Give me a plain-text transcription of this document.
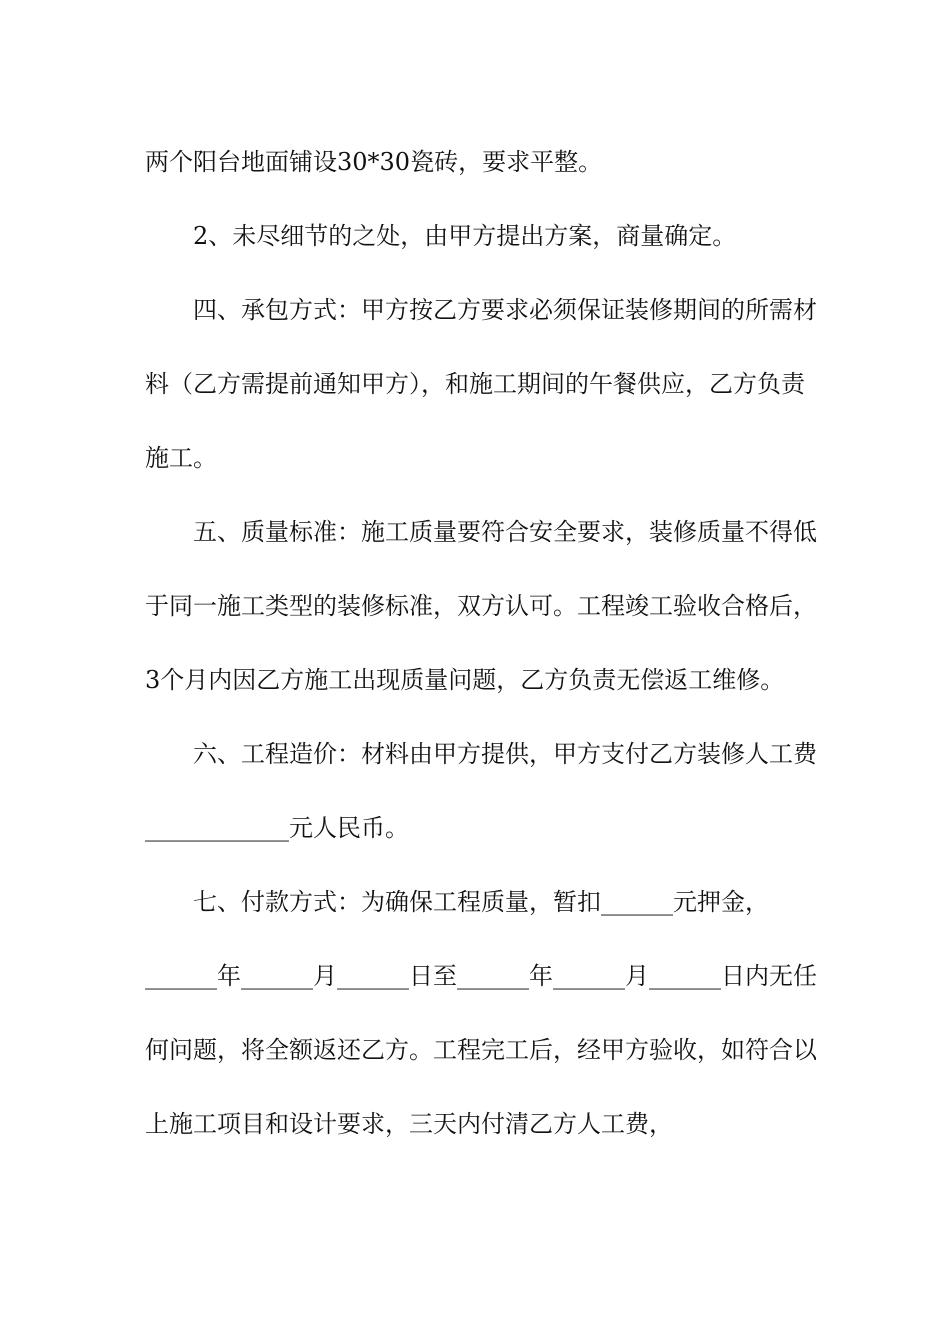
两个阳台地面铺设30*30瓷砖，要求平整。

2、未尽细节的之处，由甲方提出方案，商量确定。

四、承包方式：甲方按乙方要求必须保证装修期间的所需材料（乙方需提前通知甲方），和施工期间的午餐供应，乙方负责施工。

五、质量标准：施工质量要符合安全要求，装修质量不得低于同一施工类型的装修标准，双方认可。工程竣工验收合格后，3个月内因乙方施工出现质量问题，乙方负责无偿返工维修。

六、工程造价：材料由甲方提供，甲方支付乙方装修人工费____________元人民币。

七、付款方式：为确保工程质量，暂扣______元押金，______年______月______日至______年______月______日内无任何问题，将全额返还乙方。工程完工后，经甲方验收，如符合以上施工项目和设计要求，三天内付清乙方人工费，
